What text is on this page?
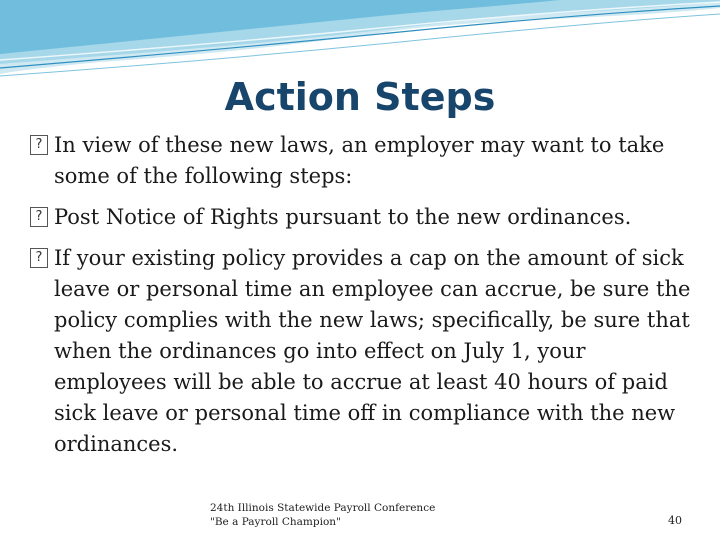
Action Steps

? In view of these new laws, an employer may want to take some of the following steps:

? Post Notice of Rights pursuant to the new ordinances.

? If your existing policy provides a cap on the amount of sick leave or personal time an employee can accrue, be sure the policy complies with the new laws; specifically, be sure that when the ordinances go into effect on July 1, your employees will be able to accrue at least 40 hours of paid sick leave or personal time off in compliance with the new ordinances.

24th Illinois Statewide Payroll Conference
"Be a Payroll Champion"	40
